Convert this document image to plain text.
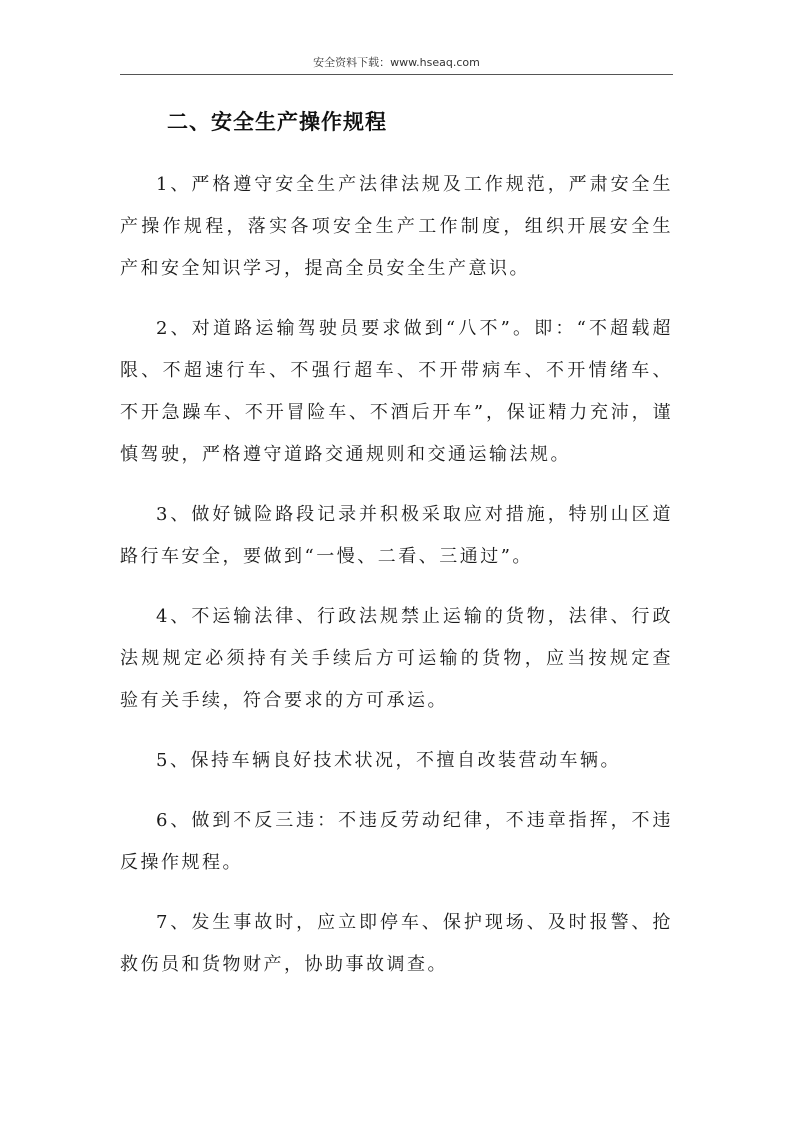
安全资料下载：www.hseaq.com
二、安全生产操作规程

1、严格遵守安全生产法律法规及工作规范，严肃安全生产操作规程，落实各项安全生产工作制度，组织开展安全生产和安全知识学习，提高全员安全生产意识。

2、对道路运输驾驶员要求做到“八不”。即：“不超载超限、不超速行车、不强行超车、不开带病车、不开情绪车、不开急躁车、不开冒险车、不酒后开车”，保证精力充沛，谨慎驾驶，严格遵守道路交通规则和交通运输法规。

3、做好铖险路段记录并积极采取应对措施，特别山区道路行车安全，要做到“一慢、二看、三通过”。

4、不运输法律、行政法规禁止运输的货物，法律、行政法规规定必须持有关手续后方可运输的货物，应当按规定查验有关手续，符合要求的方可承运。

5、保持车辆良好技术状况，不擅自改装营动车辆。

6、做到不反三违：不违反劳动纪律，不违章指挥，不违反操作规程。

7、发生事故时，应立即停车、保护现场、及时报警、抢救伤员和货物财产，协助事故调查。
